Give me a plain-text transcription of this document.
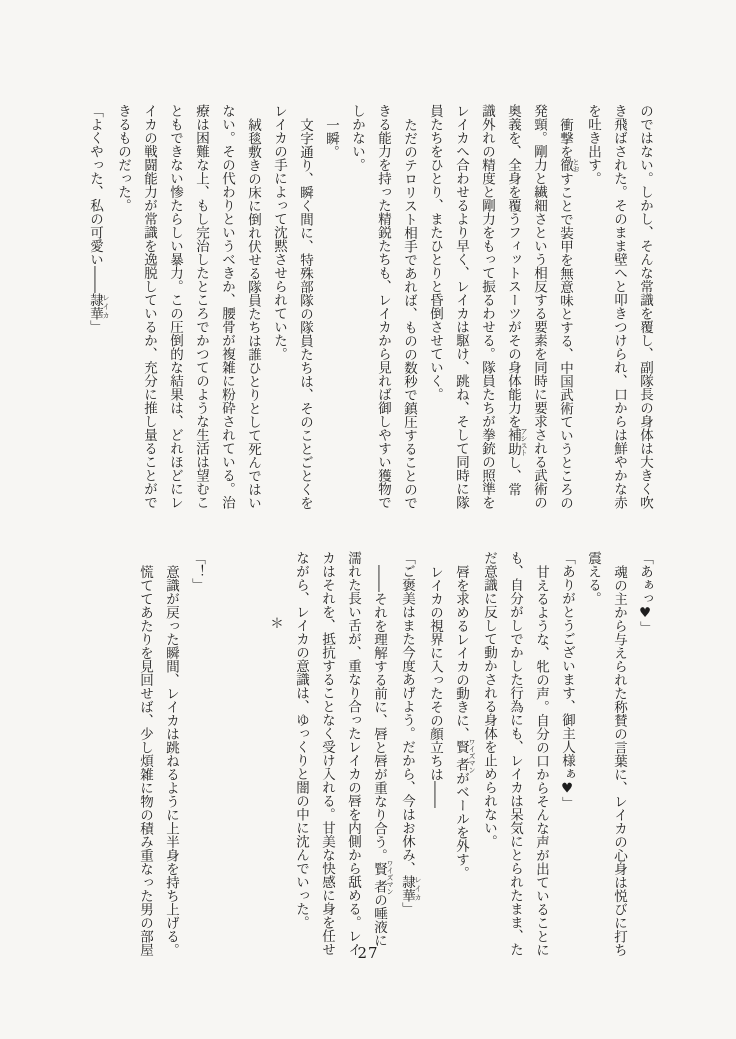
のではない。しかし、そんな常識を覆し、副隊長の身体は大きく吹き飛ばされた。そのまま壁へと叩きつけられ、口からは鮮やかな赤を吐き出す。

衝撃を徹 とおすことで装甲を無意味とする、中国武術ていうところの発頸。剛力と繊細さという相反する要素を同時に要求される武術の奥義を、全身を覆うフィットスーツがその身体能力を補助 アシストし、常識外れの精度と剛力をもって振るわせる。隊員たちが拳銃の照準をレイカへ合わせるより早く、レイカは駆け、跳ね、そして同時に隊員たちをひとり、またひとりと昏倒させていく。

ただのテロリスト相手であれば、ものの数秒で鎮圧することのできる能力を持った精鋭たちも、レイカから見れば御しやすい獲物でしかない。

一瞬。

文字通り、瞬く間に、特殊部隊の隊員たちは、そのことごとくをレイカの手によって沈黙させられていた。

絨毯敷きの床に倒れ伏せる隊員たちは誰ひとりとして死んではいない。その代わりというべきか、腰骨が複雑に粉砕されている。治療は困難な上、もし完治したところでかつてのような生活は望むこともできない惨たらしい暴力。この圧倒的な結果は、どれほどにレイカの戦闘能力が常識を逸脱しているか、充分に推し量ることができるものだった。

「よくやった、私の可愛い――隷華 レイカ」

「あぁっ♥」

魂の主から与えられた称賛の言葉に、レイカの心身は悦びに打ち震える。

「ありがとうございます、御主人様ぁ♥」

甘えるような、牝の声。自分の口からそんな声が出ていることにも、自分がしでかした行為にも、レイカは呆気にとられたまま、ただ意識に反して動かされる身体を止められない。

唇を求めるレイカの動きに、賢者 ワイズマンがベールを外す。

レイカの視界に入ったその顔立ちは――

「ご褒美はまた今度あげよう。だから、今はお休み、隷華 レイカ」

――それを理解する前に、唇と唇が重なり合う。賢者 ワイズマンの唾液に濡れた長い舌が、重なり合ったレイカの唇を内側から舐める。レイカはそれを、抵抗することなく受け入れる。甘美な快感に身を任せながら、レイカの意識は、ゆっくりと闇の中に沈んでいった。

＊

「！」

意識が戻った瞬間、レイカは跳ねるように上半身を持ち上げる。

慌ててあたりを見回せば、少し煩雑に物の積み重なった男の部屋	27
